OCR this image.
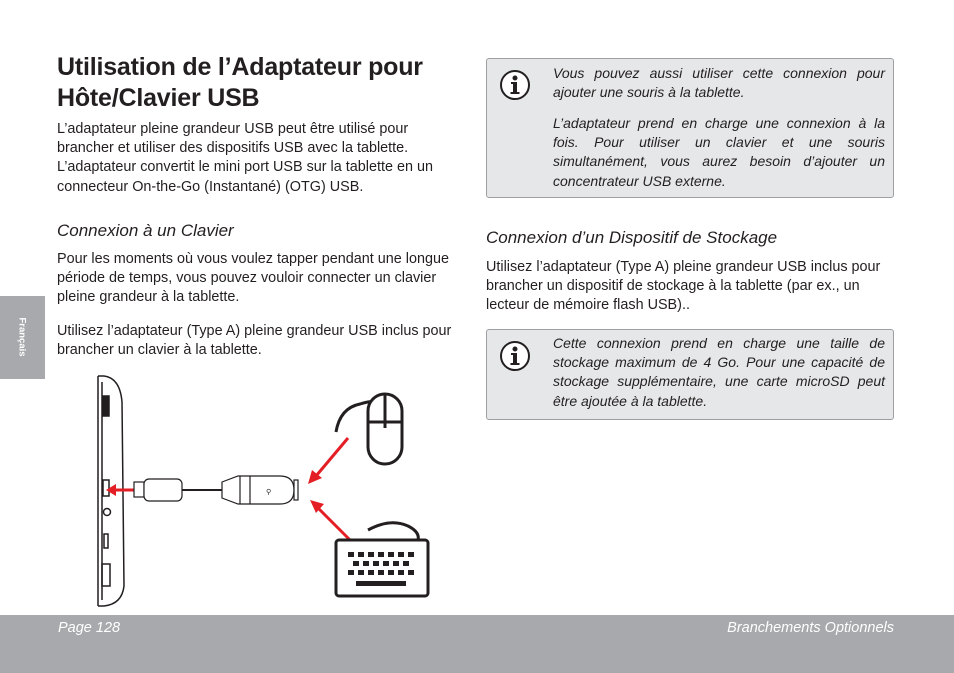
Utilisation de l’Adaptateur pour Hôte/Clavier USB

L’adaptateur pleine grandeur USB peut être utilisé pour brancher et utiliser des dispositifs USB avec la tablette. L’adaptateur convertit le mini port USB sur la tablette en un connecteur On-the-Go (Instantané) (OTG) USB.

Connexion à un Clavier

Pour les moments où vous voulez tapper pendant une longue période de temps, vous pouvez vouloir connecter un clavier pleine grandeur à la tablette.

Utilisez l’adaptateur (Type A) pleine grandeur USB inclus pour brancher un clavier à la tablette.

Français
⚲

Vous pouvez aussi utiliser cette connexion pour ajouter une souris à la tablette.

L’adaptateur prend en charge une connexion à la fois. Pour utiliser un clavier et une souris simultanément, vous aurez besoin d’ajouter un concentrateur USB externe.

Connexion d’un Dispositif de Stockage

Utilisez l’adaptateur (Type A) pleine grandeur USB inclus pour brancher un dispositif de stockage à la tablette (par ex., un lecteur de mémoire flash USB)..

Cette connexion prend en charge une taille de stockage maximum de 4 Go. Pour une capacité de stockage supplémentaire, une carte microSD peut être ajoutée à la tablette.

Page 128	Branchements Optionnels
